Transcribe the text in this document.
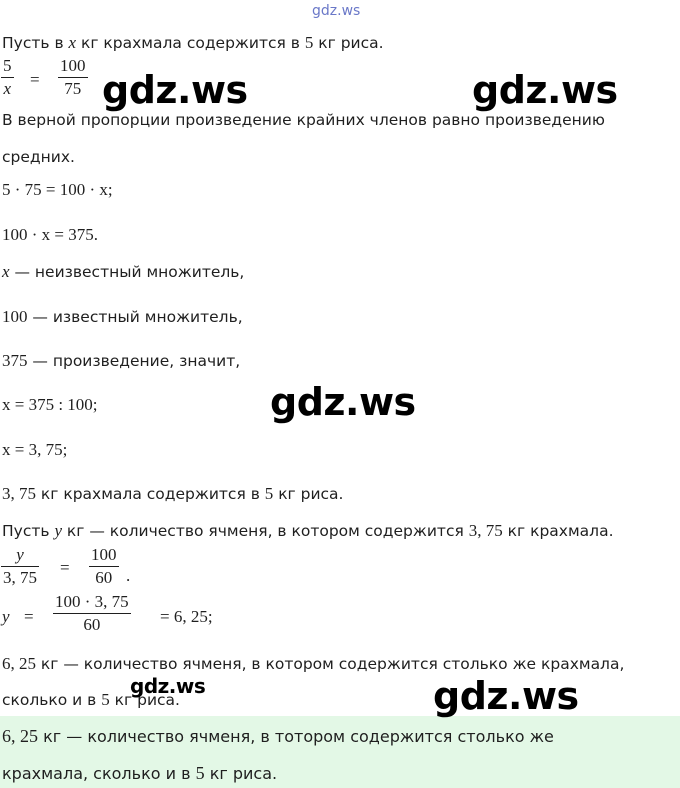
gdz.ws
Пусть в x кг крахмала содержится в 5 кг риса.
5
x =
100
75
В верной пропорции произведение крайних членов равно произведению
средних.
5 · 75 = 100 · x;
100 · x = 375.
x — неизвестный множитель,
100 — известный множитель,
375 — произведение, значит,
x = 375 : 100;
x = 3, 75;
3, 75 кг крахмала содержится в 5 кг риса.
Пусть y кг — количество ячменя, в котором содержится 3, 75 кг крахмала.
y
3, 75
=
100
60 .
y =
100 · 3, 75
60	= 6, 25;
6, 25 кг — количество ячменя, в котором содержится столько же крахмала,
сколько и в 5 кг риса.
6, 25 кг — количество ячменя, в тотором содержится столько же
крахмала, сколько и в 5 кг риса.
gdz.ws	gdz.ws
gdz.ws
gdz.ws	gdz.ws
